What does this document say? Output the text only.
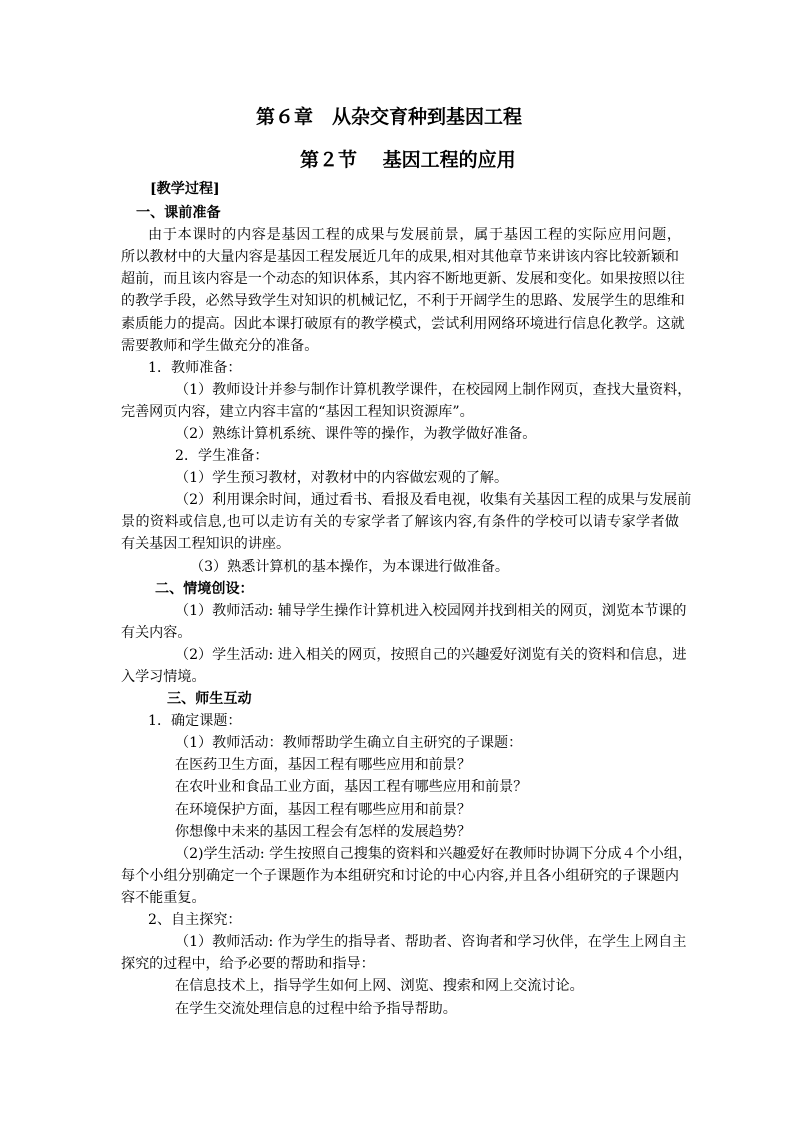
第６章　从杂交育种到基因工程
第２节　 基因工程的应用
[教学过程]
一、课前准备
由于本课时的内容是基因工程的成果与发展前景，属于基因工程的实际应用问题，
所以教材中的大量内容是基因工程发展近几年的成果,相对其他章节来讲该内容比较新颖和
超前，而且该内容是一个动态的知识体系，其内容不断地更新、发展和变化。如果按照以往
的教学手段，必然导致学生对知识的机械记忆，不利于开阔学生的思路、发展学生的思维和
素质能力的提高。因此本课打破原有的教学模式，尝试利用网络环境进行信息化教学。这就
需要教师和学生做充分的准备。
1．教师准备：
（1）教师设计并参与制作计算机教学课件，在校园网上制作网页，查找大量资料，
完善网页内容，建立内容丰富的“基因工程知识资源库”。
（2）熟练计算机系统、课件等的操作，为教学做好准备。
2．学生准备：
（1）学生预习教材，对教材中的内容做宏观的了解。
（2）利用课余时间，通过看书、看报及看电视，收集有关基因工程的成果与发展前
景的资料或信息,也可以走访有关的专家学者了解该内容,有条件的学校可以请专家学者做
有关基因工程知识的讲座。
（3）熟悉计算机的基本操作，为本课进行做准备。
二、情境创设：
（1）教师活动: 辅导学生操作计算机进入校园网并找到相关的网页，浏览本节课的
有关内容。
（2）学生活动: 进入相关的网页，按照自己的兴趣爱好浏览有关的资料和信息，进
入学习情境。
三、师生互动
1．确定课题：
（1）教师活动：教师帮助学生确立自主研究的子课题：
在医药卫生方面，基因工程有哪些应用和前景？
在农叶业和食品工业方面，基因工程有哪些应用和前景？
在环境保护方面，基因工程有哪些应用和前景？
你想像中未来的基因工程会有怎样的发展趋势？
（2)学生活动: 学生按照自己搜集的资料和兴趣爱好在教师时协调下分成４个小组，
每个小组分别确定一个子课题作为本组研究和讨论的中心内容,并且各小组研究的子课题内
容不能重复。
2、自主探究：
（1）教师活动: 作为学生的指导者、帮助者、咨询者和学习伙伴，在学生上网自主
探究的过程中，给予必要的帮助和指导：
在信息技术上，指导学生如何上网、浏览、搜索和网上交流讨论。
在学生交流处理信息的过程中给予指导帮助。
